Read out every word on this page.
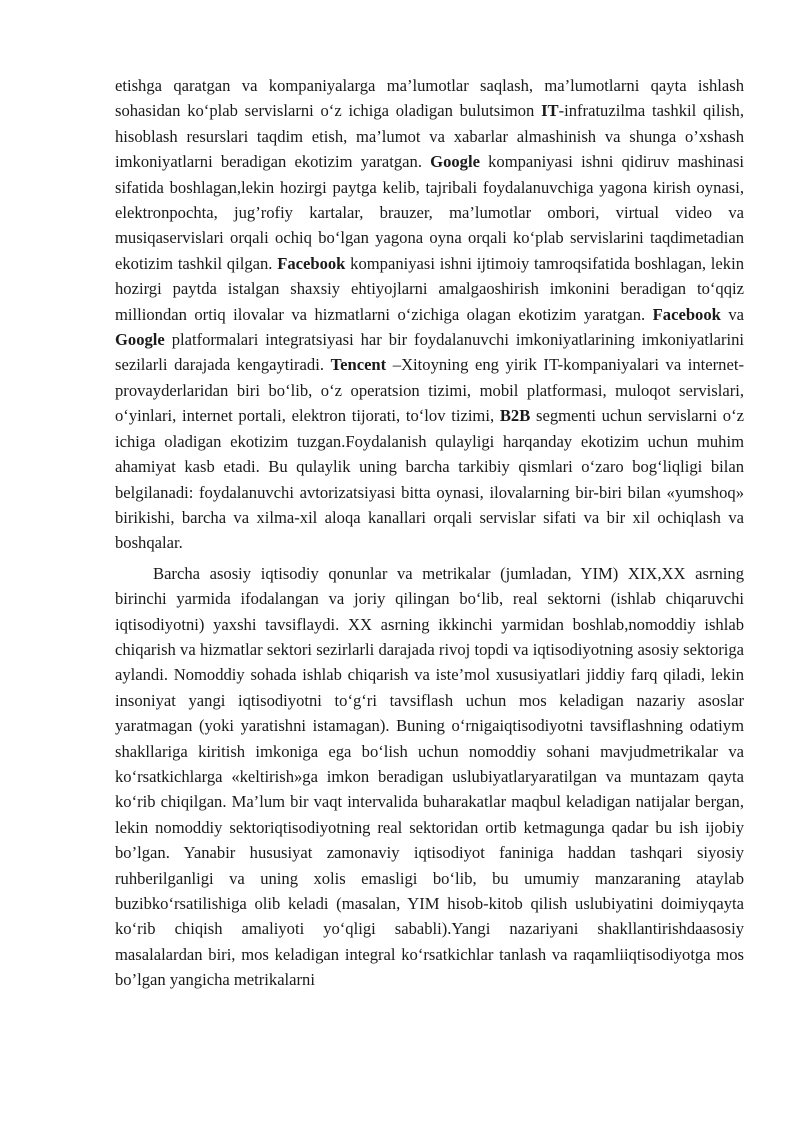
etishga qaratgan va kompaniyalarga ma’lumotlar saqlash, ma’lumotlarni qayta ishlash sohasidan ko‘plab servislarni o‘z ichiga oladigan bulutsimon IT-infratuzilma tashkil qilish, hisoblash resurslari taqdim etish, ma’lumot va xabarlar almashinish va shunga o’xshash imkoniyatlarni beradigan ekotizim yaratgan. Google kompaniyasi ishni qidiruv mashinasi sifatida boshlagan,lekin hozirgi paytga kelib, tajribali foydalanuvchiga yagona kirish oynasi, elektronpochta, jug’rofiy kartalar, brauzer, ma’lumotlar ombori, virtual video va musiqaservislari orqali ochiq bo‘lgan yagona oyna orqali ko‘plab servislarini taqdimetadian ekotizim tashkil qilgan. Facebook kompaniyasi ishni ijtimoiy tamroqsifatida boshlagan, lekin hozirgi paytda istalgan shaxsiy ehtiyojlarni amalgaoshirish imkonini beradigan to‘qqiz milliondan ortiq ilovalar va hizmatlarni o‘zichiga olagan ekotizim yaratgan. Facebook va Google platformalari integratsiyasi har bir foydalanuvchi imkoniyatlarining imkoniyatlarini sezilarli darajada kengaytiradi. Tencent –Xitoyning eng yirik IT-kompaniyalari va internet-provayderlaridan biri bo‘lib, o‘z operatsion tizimi, mobil platformasi, muloqot servislari, o‘yinlari, internet portali, elektron tijorati, to‘lov tizimi, B2B segmenti uchun servislarni o‘z ichiga oladigan ekotizim tuzgan.Foydalanish qulayligi harqanday ekotizim uchun muhim ahamiyat kasb etadi. Bu qulaylik uning barcha tarkibiy qismlari o‘zaro bog‘liqligi bilan belgilanadi: foydalanuvchi avtorizatsiyasi bitta oynasi, ilovalarning bir-biri bilan «yumshoq» birikishi, barcha va xilma-xil aloqa kanallari orqali servislar sifati va bir xil ochiqlash va boshqalar.

Barcha asosiy iqtisodiy qonunlar va metrikalar (jumladan, YIM) XIX,XX asrning birinchi yarmida ifodalangan va joriy qilingan bo‘lib, real sektorni (ishlab chiqaruvchi iqtisodiyotni) yaxshi tavsiflaydi. XX asrning ikkinchi yarmidan boshlab,nomoddiy ishlab chiqarish va hizmatlar sektori sezirlarli darajada rivoj topdi va iqtisodiyotning asosiy sektoriga aylandi. Nomoddiy sohada ishlab chiqarish va iste’mol xususiyatlari jiddiy farq qiladi, lekin insoniyat yangi iqtisodiyotni to‘g‘ri tavsiflash uchun mos keladigan nazariy asoslar yaratmagan (yoki yaratishni istamagan). Buning o‘rnigaiqtisodiyotni tavsiflashning odatiym shakllariga kiritish imkoniga ega bo‘lish uchun nomoddiy sohani mavjudmetrikalar va ko‘rsatkichlarga «keltirish»ga imkon beradigan uslubiyatlaryaratilgan va muntazam qayta ko‘rib chiqilgan. Ma’lum bir vaqt intervalida buharakatlar maqbul keladigan natijalar bergan, lekin nomoddiy sektoriqtisodiyotning real sektoridan ortib ketmagunga qadar bu ish ijobiy bo’lgan. Yanabir hususiyat zamonaviy iqtisodiyot faniniga haddan tashqari siyosiy ruhberilganligi va uning xolis emasligi bo‘lib, bu umumiy manzaraning ataylab buzibko‘rsatilishiga olib keladi (masalan, YIM hisob-kitob qilish uslubiyatini doimiyqayta ko‘rib chiqish amaliyoti yo‘qligi sababli).Yangi nazariyani shakllantirishdaasosiy masalalardan biri, mos keladigan integral ko‘rsatkichlar tanlash va raqamliiqtisodiyotga mos bo’lgan yangicha metrikalarni
